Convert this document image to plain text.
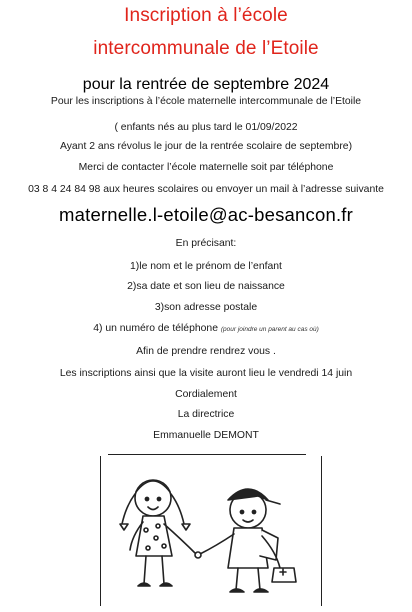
Inscription à l’école
intercommunale de l’Etoile
pour la rentrée de septembre 2024
Pour les inscriptions à l’école maternelle intercommunale de l’Etoile
( enfants nés au plus tard le 01/09/2022
Ayant 2 ans révolus le jour de la rentrée scolaire de septembre)
Merci de contacter l’école maternelle soit par téléphone
03 8 4 24 84 98 aux heures scolaires ou envoyer un mail à l’adresse suivante
maternelle.l-etoile@ac-besancon.fr
En précisant:
1)le nom et le prénom de l’enfant
2)sa date et son lieu de naissance
3)son adresse postale
4) un numéro de téléphone (pour joindre un parent au cas où)
Afin de prendre rendrez vous .
Les inscriptions ainsi que la visite auront lieu le vendredi 14 juin
Cordialement
La directrice
Emmanuelle DEMONT
